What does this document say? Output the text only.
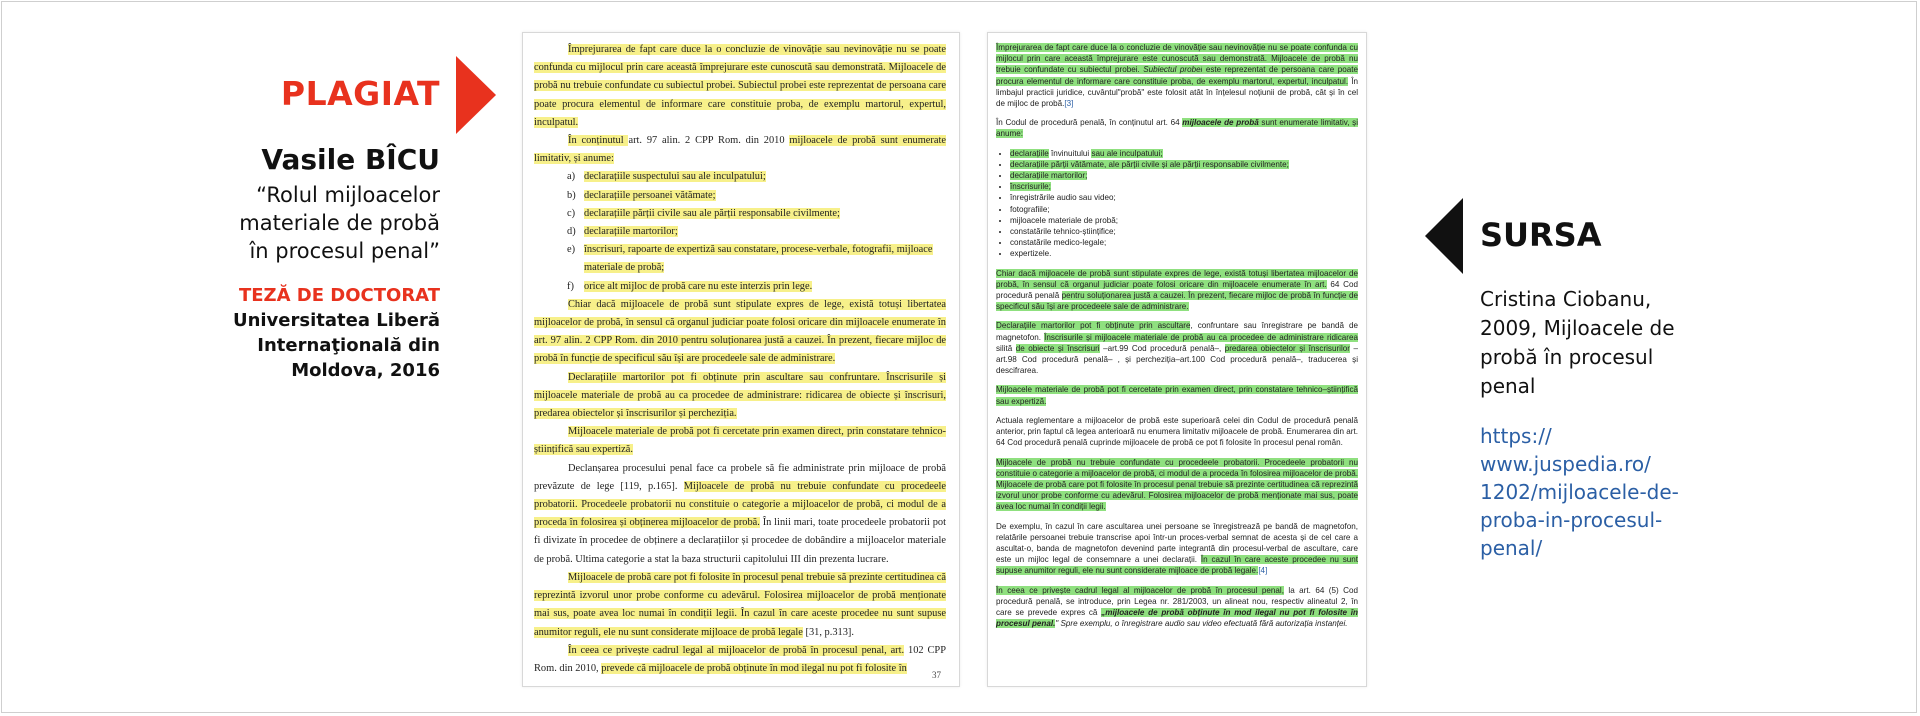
PLAGIAT
Vasile BÎCU
“Rolul mijloacelor
materiale de probă
în procesul penal”
TEZĂ DE DOCTORAT
Universitatea Liberă
Internaţională din
Moldova, 2016
SURSA
Cristina Ciobanu,
2009, Mijloacele de
probă în procesul
penal
https://
www.juspedia.ro/
1202/mijloacele-de-
proba-in-procesul-
penal/

Împrejurarea de fapt care duce la o concluzie de vinovăție sau nevinovăție nu se poate confunda cu mijlocul prin care această împrejurare este cunoscută sau demonstrată. Mijloacele de probă nu trebuie confundate cu subiectul probei. Subiectul probei este reprezentat de persoana care poate procura elementul de informare care constituie proba, de exemplu martorul, expertul, inculpatul.

În conținutul art. 97 alin. 2 CPP Rom. din 2010 mijloacele de probă sunt enumerate limitativ, și anume:

a) declarațiile suspectului sau ale inculpatului;
b) declarațiile persoanei vătămate;
c) declarațiile părții civile sau ale părții responsabile civilmente;
d) declarațiile martorilor;
e) înscrisuri, rapoarte de expertiză sau constatare, procese-verbale, fotografii, mijloace materiale de probă;
f) orice alt mijloc de probă care nu este interzis prin lege.

Chiar dacă mijloacele de probă sunt stipulate expres de lege, există totuși libertatea mijloacelor de probă, în sensul că organul judiciar poate folosi oricare din mijloacele enumerate în art. 97 alin. 2 CPP Rom. din 2010 pentru soluționarea justă a cauzei. În prezent, fiecare mijloc de probă în funcție de specificul său își are procedeele sale de administrare.

Declarațiile martorilor pot fi obținute prin ascultare sau confruntare. Înscrisurile și mijloacele materiale de probă au ca procedee de administrare: ridicarea de obiecte și înscrisuri, predarea obiectelor și înscrisurilor și percheziția.

Mijloacele materiale de probă pot fi cercetate prin examen direct, prin constatare tehnico-științifică sau expertiză.

Declanșarea procesului penal face ca probele să fie administrate prin mijloace de probă prevăzute de lege [119, p.165]. Mijloacele de probă nu trebuie confundate cu procedeele probatorii. Procedeele probatorii nu constituie o categorie a mijloacelor de probă, ci modul de a proceda în folosirea și obținerea mijloacelor de probă. În linii mari, toate procedeele probatorii pot fi divizate în procedee de obținere a declarațiilor și procedee de dobândire a mijloacelor materiale de probă. Ultima categorie a stat la baza structurii capitolului III din prezenta lucrare.

Mijloacele de probă care pot fi folosite în procesul penal trebuie să prezinte certitudinea că reprezintă izvorul unor probe conforme cu adevărul. Folosirea mijloacelor de probă menționate mai sus, poate avea loc numai în condiții legii. În cazul în care aceste procedee nu sunt supuse anumitor reguli, ele nu sunt considerate mijloace de probă legale [31, p.313].

În ceea ce privește cadrul legal al mijloacelor de probă în procesul penal, art. 102 CPP Rom. din 2010, prevede că mijloacele de probă obținute în mod ilegal nu pot fi folosite în

37

Împrejurarea de fapt care duce la o concluzie de vinovăție sau nevinovăție nu se poate confunda cu mijlocul prin care această împrejurare este cunoscută sau demonstrată. Mijloacele de probă nu trebuie confundate cu subiectul probei. Subiectul probei este reprezentat de persoana care poate procura elementul de informare care constituie proba, de exemplu martorul, expertul, inculpatul. În limbajul practicii juridice, cuvântul"probă" este folosit atât în înțelesul noțiunii de probă, cât și în cel de mijloc de probă.[3]

În Codul de procedură penală, în conținutul art. 64 mijloacele de probă sunt enumerate limitativ, și anume:

• declarațiile învinuitului sau ale inculpatului;
• declarațiile părții vătămate, ale părții civile și ale părții responsabile civilmente;
• declarațiile martorilor;
• înscrisurile;
• înregistrările audio sau video;
• fotografiile;
• mijloacele materiale de probă;
• constatările tehnico-științifice;
• constatările medico-legale;
• expertizele.

Chiar dacă mijloacele de probă sunt stipulate expres de lege, există totuși libertatea mijloacelor de probă, în sensul că organul judiciar poate folosi oricare din mijloacele enumerate în art. 64 Cod procedură penală pentru soluționarea justă a cauzei. În prezent, fiecare mijloc de probă în funcție de specificul său își are procedeele sale de administrare.

Declarațiile martorilor pot fi obținute prin ascultare, confruntare sau înregistrare pe bandă de magnetofon. Înscrisurile și mijloacele materiale de probă au ca procedee de administrare ridicarea silită de obiecte și înscrisuri –art.99 Cod procedură penală–, predarea obiectelor și înscrisurilor –art.98 Cod procedură penală– , și percheziția–art.100 Cod procedură penală–, traducerea și descifrarea.

Mijloacele materiale de probă pot fi cercetate prin examen direct, prin constatare tehnico–științifică sau expertiză.

Actuala reglementare a mijloacelor de probă este superioară celei din Codul de procedură penală anterior, prin faptul că legea anterioară nu enumera limitativ mijloacele de probă. Enumerarea din art. 64 Cod procedură penală cuprinde mijloacele de probă ce pot fi folosite în procesul penal român.

Mijloacele de probă nu trebuie confundate cu procedeele probatorii. Procedeele probatorii nu constituie o categorie a mijloacelor de probă, ci modul de a proceda în folosirea mijloacelor de probă. Mijloacele de probă care pot fi folosite în procesul penal trebuie să prezinte certitudinea că reprezintă izvorul unor probe conforme cu adevărul. Folosirea mijloacelor de probă menționate mai sus, poate avea loc numai în condiții legii.

De exemplu, în cazul în care ascultarea unei persoane se înregistrează pe bandă de magnetofon, relatările persoanei trebuie transcrise apoi într-un proces-verbal semnat de acesta și de cel care a ascultat-o, banda de magnetofon devenind parte integrantă din procesul-verbal de ascultare, care este un mijloc legal de consemnare a unei declarații. În cazul în care aceste procedee nu sunt supuse anumitor reguli, ele nu sunt considerate mijloace de probă legale.[4]

În ceea ce privește cadrul legal al mijloacelor de probă în procesul penal, la art. 64 (5) Cod procedură penală, se introduce, prin Legea nr. 281/2003, un alineat nou, respectiv alineatul 2, în care se prevede expres că „mijloacele de probă obținute în mod ilegal nu pot fi folosite în procesul penal." Spre exemplu, o înregistrare audio sau video efectuată fără autorizația instanței.
